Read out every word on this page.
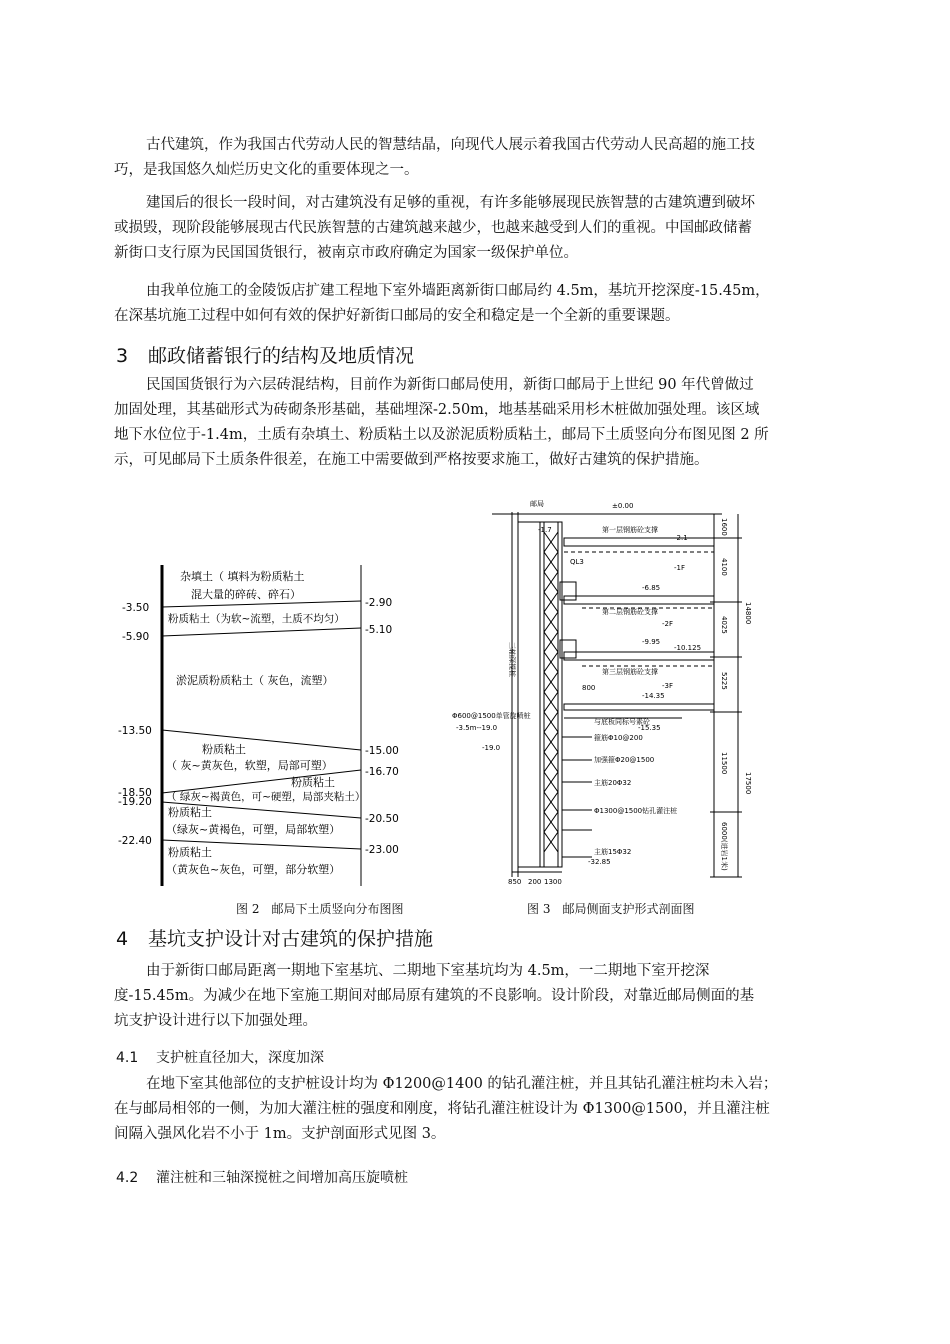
古代建筑，作为我国古代劳动人民的智慧结晶，向现代人展示着我国古代劳动人民高超的施工技
巧，是我国悠久灿烂历史文化的重要体现之一。
建国后的很长一段时间，对古建筑没有足够的重视，有许多能够展现民族智慧的古建筑遭到破坏
或损毁，现阶段能够展现古代民族智慧的古建筑越来越少，也越来越受到人们的重视。中国邮政储蓄
新街口支行原为民国国货银行，被南京市政府确定为国家一级保护单位。
由我单位施工的金陵饭店扩建工程地下室外墙距离新街口邮局约 4.5m，基坑开挖深度-15.45m，
在深基坑施工过程中如何有效的保护好新街口邮局的安全和稳定是一个全新的重要课题。
3 邮政储蓄银行的结构及地质情况
民国国货银行为六层砖混结构，目前作为新街口邮局使用，新街口邮局于上世纪 90 年代曾做过
加固处理，其基础形式为砖砌条形基础，基础埋深-2.50m，地基基础采用杉木桩做加强处理。该区域
地下水位位于-1.4m，土质有杂填土、粉质粘土以及淤泥质粉质粘土，邮局下土质竖向分布图见图 2 所
示，可见邮局下土质条件很差，在施工中需要做到严格按要求施工，做好古建筑的保护措施。
-3.50
-5.90
-13.50
-18.50
-19.20
-22.40
-2.90
-5.10
-15.00
-16.70
-20.50
-23.00
杂填土（ 填料为粉质粘土
混大量的碎砖、碎石）
粉质粘土（为软~流塑，土质不均匀）
淤泥质粉质粘土（ 灰色，流塑）
粉质粘土
（ 灰~黄灰色，软塑，局部可塑）
粉质粘土
（ 绿灰~褐黄色，可~硬塑，局部夹粘土）
粉质粘土
（绿灰~黄褐色，可塑，局部软塑）
粉质粘土
（黄灰色~灰色，可塑，部分软塑）
邮局	±0.00
-1.7	第一层钢筋砼支撑
-2.1
QL3
-1F
-6.85
第二层钢筋砼支撑
-2F
-9.95
-10.125
第三层钢筋砼支撑
-3F
-14.35
800
-15.35
Φ600@1500单管旋喷桩
-3.5m--19.0
-19.0
与底板同标号素砼
箍筋Φ10@200
加强箍Φ20@1500
主筋20Φ32
Φ1300@1500钻孔灌注桩
主筋15Φ32
-32.85
850 200 1300
三轴深搅桩
1600
4100
14800
4025
5225
11500
17500
6000(进岩1米)
图 2　邮局下土质竖向分布图图	图 3　邮局侧面支护形式剖面图
4 基坑支护设计对古建筑的保护措施
由于新街口邮局距离一期地下室基坑、二期地下室基坑均为 4.5m，一二期地下室开挖深
度-15.45m。为减少在地下室施工期间对邮局原有建筑的不良影响。设计阶段，对靠近邮局侧面的基
坑支护设计进行以下加强处理。
4.1 支护桩直径加大，深度加深
在地下室其他部位的支护桩设计均为 Φ1200@1400 的钻孔灌注桩，并且其钻孔灌注桩均未入岩；
在与邮局相邻的一侧，为加大灌注桩的强度和刚度，将钻孔灌注桩设计为 Φ1300@1500，并且灌注桩
间隔入强风化岩不小于 1m。支护剖面形式见图 3。
4.2 灌注桩和三轴深搅桩之间增加高压旋喷桩
